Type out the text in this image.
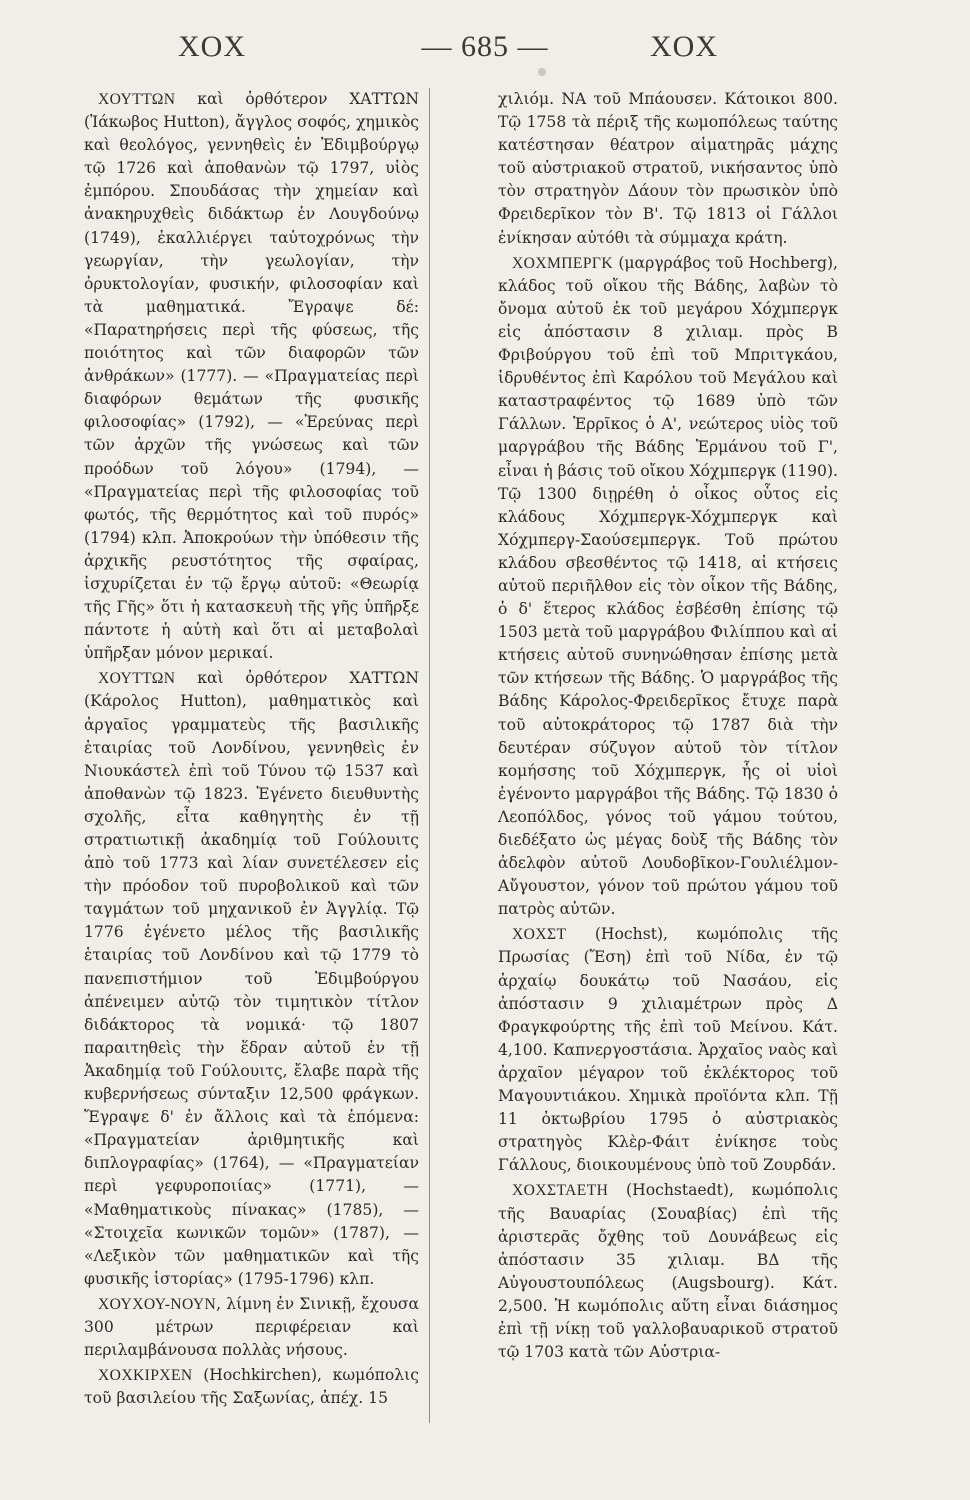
— 685 —
ΧΟΧ	ΧΟΧ

ΧΟΥΤΤΩΝ καὶ ὀρθότερον ΧΑΤΤΩΝ (Ἰάκωβος Hutton), ἄγγλος σοφός, χημικὸς καὶ θεολόγος, γεννηθεὶς ἐν Ἐδιμβούργῳ τῷ 1726 καὶ ἀποθανὼν τῷ 1797, υἱὸς ἐμπόρου. Σπουδάσας τὴν χημείαν καὶ ἀνακηρυχθεὶς διδάκτωρ ἐν Λουγδούνῳ (1749), ἐκαλλιέργει ταὐτοχρόνως τὴν γεωργίαν, τὴν γεωλογίαν, τὴν ὀρυκτολογίαν, φυσικήν, φιλοσοφίαν καὶ τὰ μαθηματικά. Ἔγραψε δέ: «Παρατηρήσεις περὶ τῆς φύσεως, τῆς ποιότητος καὶ τῶν διαφορῶν τῶν ἀνθράκων» (1777). — «Πραγματείας περὶ διαφόρων θεμάτων τῆς φυσικῆς φιλοσοφίας» (1792), — «Ἐρεύνας περὶ τῶν ἀρχῶν τῆς γνώσεως καὶ τῶν προόδων τοῦ λόγου» (1794), — «Πραγματείας περὶ τῆς φιλοσοφίας τοῦ φωτός, τῆς θερμότητος καὶ τοῦ πυρός» (1794) κλπ. Ἀποκρούων τὴν ὑπόθεσιν τῆς ἀρχικῆς ρευστότητος τῆς σφαίρας, ἰσχυρίζεται ἐν τῷ ἔργῳ αὐτοῦ: «Θεωρίᾳ τῆς Γῆς» ὅτι ἡ κατασκευὴ τῆς γῆς ὑπῆρξε πάντοτε ἡ αὐτὴ καὶ ὅτι αἱ μεταβολαὶ ὑπῆρξαν μόνον μερικαί.

ΧΟΥΤΤΩΝ καὶ ὀρθότερον ΧΑΤΤΩΝ (Κάρολος Hutton), μαθηματικὸς καὶ ἀργαῖος γραμματεὺς τῆς βασιλικῆς ἑταιρίας τοῦ Λονδίνου, γεννηθεὶς ἐν Νιουκάστελ ἐπὶ τοῦ Τύνου τῷ 1537 καὶ ἀποθανὼν τῷ 1823. Ἐγένετο διευθυντὴς σχολῆς, εἶτα καθηγητὴς ἐν τῇ στρατιωτικῇ ἀκαδημίᾳ τοῦ Γούλουιτς ἀπὸ τοῦ 1773 καὶ λίαν συνετέλεσεν εἰς τὴν πρόοδον τοῦ πυροβολικοῦ καὶ τῶν ταγμάτων τοῦ μηχανικοῦ ἐν Ἀγγλίᾳ. Τῷ 1776 ἐγένετο μέλος τῆς βασιλικῆς ἑταιρίας τοῦ Λονδίνου καὶ τῷ 1779 τὸ πανεπιστήμιον τοῦ Ἐδιμβούργου ἀπένειμεν αὐτῷ τὸν τιμητικὸν τίτλον διδάκτορος τὰ νομικά· τῷ 1807 παραιτηθεὶς τὴν ἕδραν αὐτοῦ ἐν τῇ Ἀκαδημίᾳ τοῦ Γούλουιτς, ἔλαβε παρὰ τῆς κυβερνήσεως σύνταξιν 12,500 φράγκων. Ἔγραψε δ' ἐν ἄλλοις καὶ τὰ ἑπόμενα: «Πραγματείαν ἀριθμητικῆς καὶ διπλογραφίας» (1764), — «Πραγματείαν περὶ γεφυροποιίας» (1771), — «Μαθηματικοὺς πίνακας» (1785), — «Στοιχεῖα κωνικῶν τομῶν» (1787), — «Λεξικὸν τῶν μαθηματικῶν καὶ τῆς φυσικῆς ἱστορίας» (1795-1796) κλπ.

ΧΟΥΧΟΥ-ΝΟΥΝ, λίμνη ἐν Σινικῇ, ἔχουσα 300 μέτρων περιφέρειαν καὶ περιλαμβάνουσα πολλὰς νήσους.

ΧΟΧΚΙΡΧΕΝ (Hochkirchen), κωμόπολις τοῦ βασιλείου τῆς Σαξωνίας, ἀπέχ. 15

χιλιόμ. ΝΑ τοῦ Μπάουσεν. Κάτοικοι 800. Τῷ 1758 τὰ πέριξ τῆς κωμοπόλεως ταύτης κατέστησαν θέατρον αἱματηρᾶς μάχης τοῦ αὐστριακοῦ στρατοῦ, νικήσαντος ὑπὸ τὸν στρατηγὸν Δάουν τὸν πρωσικὸν ὑπὸ Φρειδερῖκον τὸν Β'. Τῷ 1813 οἱ Γάλλοι ἐνίκησαν αὐτόθι τὰ σύμμαχα κράτη.

ΧΟΧΜΠΕΡΓΚ (μαργράβος τοῦ Hochberg), κλάδος τοῦ οἴκου τῆς Βάδης, λαβὼν τὸ ὄνομα αὐτοῦ ἐκ τοῦ μεγάρου Χόχμπεργκ εἰς ἀπόστασιν 8 χιλιαμ. πρὸς Β Φριβούργου τοῦ ἐπὶ τοῦ Μπριτγκάου, ἱδρυθέντος ἐπὶ Καρόλου τοῦ Μεγάλου καὶ καταστραφέντος τῷ 1689 ὑπὸ τῶν Γάλλων. Ἑρρῖκος ὁ Α', νεώτερος υἱὸς τοῦ μαργράβου τῆς Βάδης Ἑρμάνου τοῦ Γ', εἶναι ἡ βάσις τοῦ οἴκου Χόχμπεργκ (1190). Τῷ 1300 διῃρέθη ὁ οἶκος οὗτος εἰς κλάδους Χόχμπεργκ-Χόχμπεργκ καὶ Χόχμπεργ-Σαούσεμπεργκ. Τοῦ πρώτου κλάδου σβεσθέντος τῷ 1418, αἱ κτήσεις αὐτοῦ περιῆλθον εἰς τὸν οἶκον τῆς Βάδης, ὁ δ' ἕτερος κλάδος ἐσβέσθη ἐπίσης τῷ 1503 μετὰ τοῦ μαργράβου Φιλίππου καὶ αἱ κτήσεις αὐτοῦ συνηνώθησαν ἐπίσης μετὰ τῶν κτήσεων τῆς Βάδης. Ὁ μαργράβος τῆς Βάδης Κάρολος-Φρειδερῖκος ἔτυχε παρὰ τοῦ αὐτοκράτορος τῷ 1787 διὰ τὴν δευτέραν σύζυγον αὐτοῦ τὸν τίτλον κομήσσης τοῦ Χόχμπεργκ, ἧς οἱ υἱοὶ ἐγένοντο μαργράβοι τῆς Βάδης. Τῷ 1830 ὁ Λεοπόλδος, γόνος τοῦ γάμου τούτου, διεδέξατο ὡς μέγας δοὺξ τῆς Βάδης τὸν ἀδελφὸν αὐτοῦ Λουδοβῖκον-Γουλιέλμον-Αὔγουστον, γόνον τοῦ πρώτου γάμου τοῦ πατρὸς αὐτῶν.

ΧΟΧΣΤ (Hochst), κωμόπολις τῆς Πρωσίας (Ἔση) ἐπὶ τοῦ Νίδα, ἐν τῷ ἀρχαίῳ δουκάτῳ τοῦ Νασάου, εἰς ἀπόστασιν 9 χιλιαμέτρων πρὸς Δ Φραγκφούρτης τῆς ἐπὶ τοῦ Μείνου. Κάτ. 4,100. Καπνεργοστάσια. Ἀρχαῖος ναὸς καὶ ἀρχαῖον μέγαρον τοῦ ἐκλέκτορος τοῦ Μαγουντιάκου. Χημικὰ προϊόντα κλπ. Τῇ 11 ὀκτωβρίου 1795 ὁ αὐστριακὸς στρατηγὸς Κλὲρ-Φάιτ ἐνίκησε τοὺς Γάλλους, διοικουμένους ὑπὸ τοῦ Ζουρδάν.

ΧΟΧΣΤΑΕΤΗ (Hochstaedt), κωμόπολις τῆς Βαυαρίας (Σουαβίας) ἐπὶ τῆς ἀριστερᾶς ὄχθης τοῦ Δουνάβεως εἰς ἀπόστασιν 35 χιλιαμ. ΒΔ τῆς Αὐγουστουπόλεως (Augsbourg). Κάτ. 2,500. Ἡ κωμόπολις αὕτη εἶναι διάσημος ἐπὶ τῇ νίκῃ τοῦ γαλλοβαυαρικοῦ στρατοῦ τῷ 1703 κατὰ τῶν Αὐστρια-
